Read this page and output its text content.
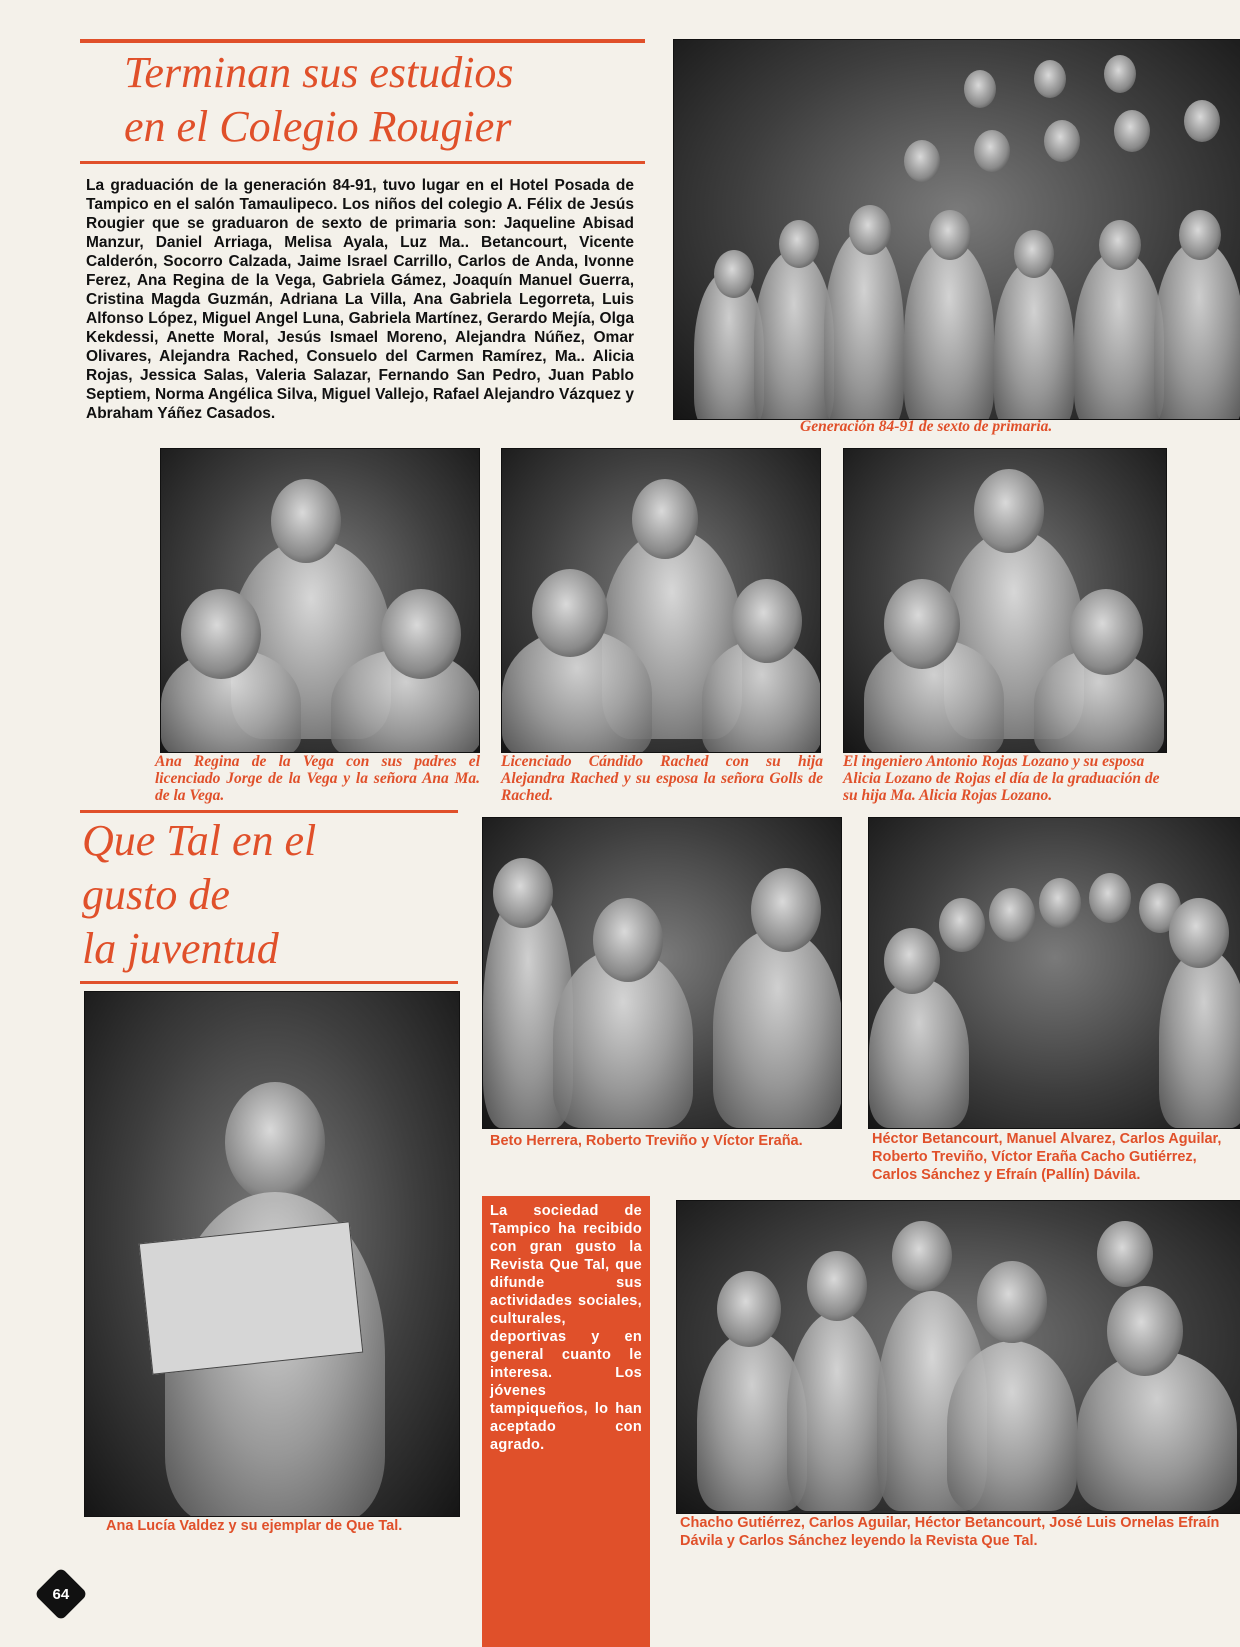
Terminan sus estudios
en el Colegio Rougier

La graduación de la generación 84-91, tuvo lugar en el Hotel Posada de Tampico en el salón Tamaulipeco. Los niños del colegio A. Félix de Jesús Rougier que se graduaron de sexto de primaria son: Jaqueline Abisad Manzur, Daniel Arriaga, Melisa Ayala, Luz Ma.. Betancourt, Vicente Calderón, Socorro Calzada, Jaime Israel Carrillo, Carlos de Anda, Ivonne Ferez, Ana Regina de la Vega, Gabriela Gámez, Joaquín Manuel Guerra, Cristina Magda Guzmán, Adriana La Villa, Ana Gabriela Legorreta, Luis Alfonso López, Miguel Angel Luna, Gabriela Martínez, Gerardo Mejía, Olga Kekdessi, Anette Moral, Jesús Ismael Moreno, Alejandra Núñez, Omar Olivares, Alejandra Rached, Consuelo del Carmen Ramírez, Ma.. Alicia Rojas, Jessica Salas, Valeria Salazar, Fernando San Pedro, Juan Pablo Septiem, Norma Angélica Silva, Miguel Vallejo, Rafael Alejandro Vázquez y Abraham Yáñez Casados.

Generación 84-91 de sexto de primaria.

Ana Regina de la Vega con sus padres el licenciado Jorge de la Vega y la señora Ana Ma. de la Vega.

Licenciado Cándido Rached con su hija Alejandra Rached y su esposa la señora Golls de Rached.

El ingeniero Antonio Rojas Lozano y su esposa Alicia Lozano de Rojas el día de la graduación de su hija Ma. Alicia Rojas Lozano.

Que Tal en el
gusto de
la juventud

Ana Lucía Valdez y su ejemplar de Que Tal.

Beto Herrera, Roberto Treviño y Víctor Eraña.	Héctor Betancourt, Manuel Alvarez, Carlos Aguilar, Roberto Treviño, Víctor Eraña Cacho Gutiérrez, Carlos Sánchez y Efraín (Pallín) Dávila.

La sociedad de Tampico ha recibido con gran gusto la Revista Que Tal, que difunde sus actividades sociales, culturales, deportivas y en general cuanto le interesa. Los jóvenes tampiqueños, lo han aceptado con agrado.

Chacho Gutiérrez, Carlos Aguilar, Héctor Betancourt, José Luis Ornelas Efraín Dávila y Carlos Sánchez leyendo la Revista Que Tal.

64
